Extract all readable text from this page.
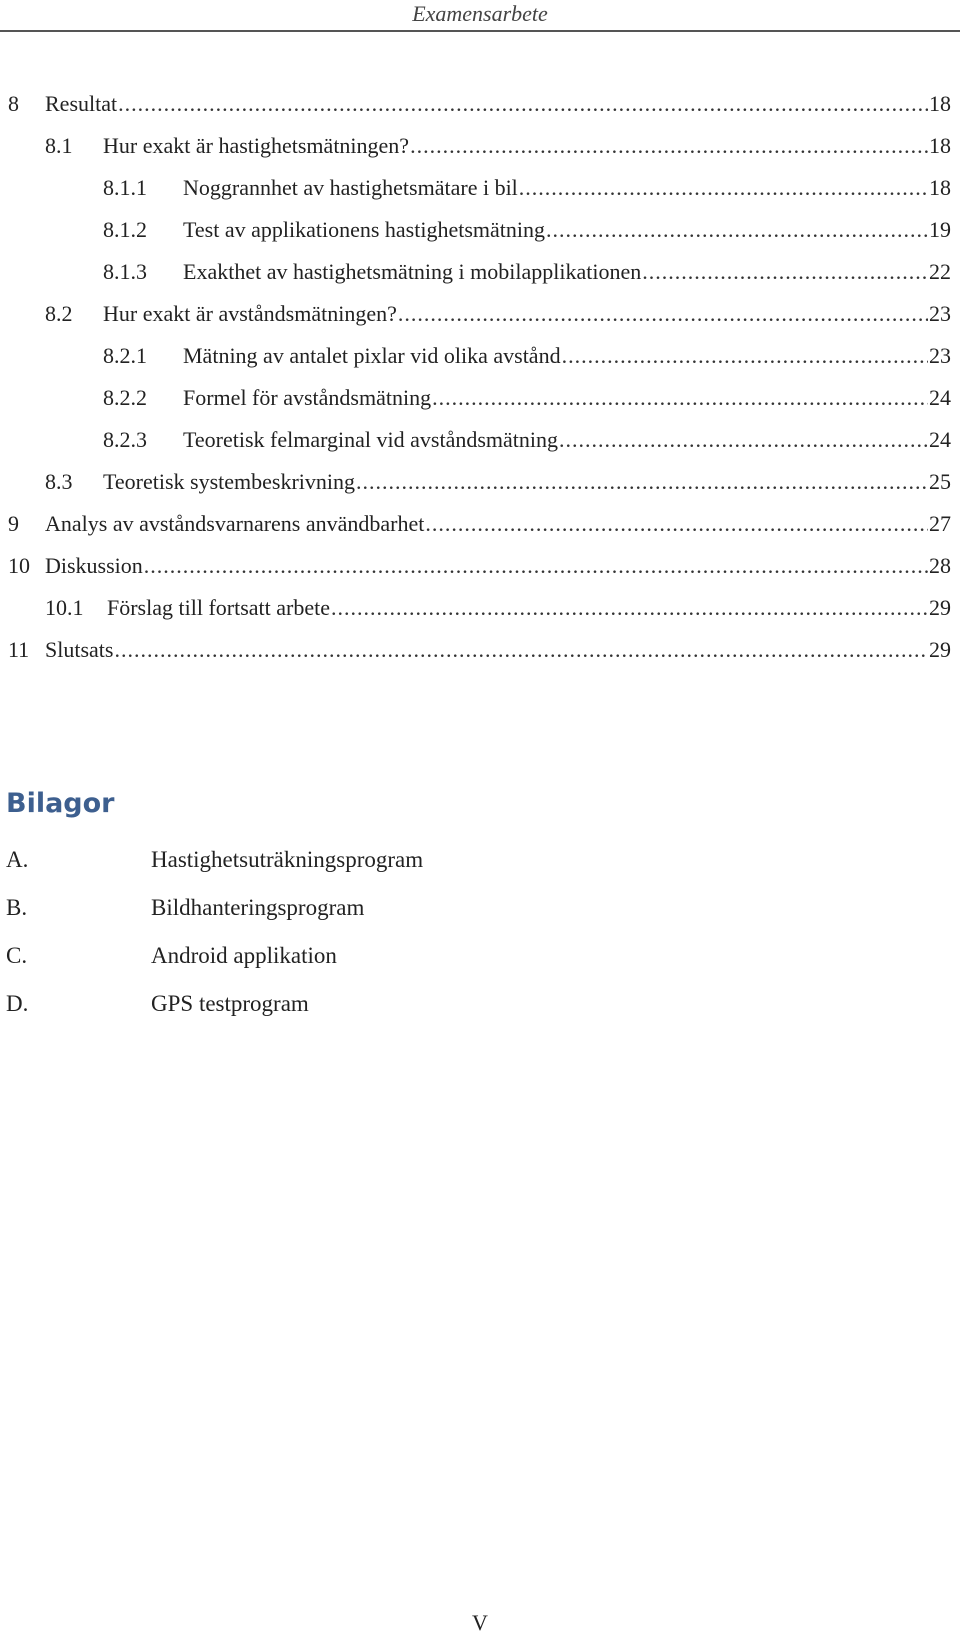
Examensarbete
8 Resultat .....	18
8.1 Hur exakt är hastighetsmätningen? .....	18
8.1.1 Noggrannhet av hastighetsmätare i bil .....	18
8.1.2 Test av applikationens hastighetsmätning .....	19
8.1.3 Exakthet av hastighetsmätning i mobilapplikationen .....	22
8.2 Hur exakt är avståndsmätningen? .....	23
8.2.1 Mätning av antalet pixlar vid olika avstånd .....	23
8.2.2 Formel för avståndsmätning .....	24
8.2.3 Teoretisk felmarginal vid avståndsmätning .....	24
8.3 Teoretisk systembeskrivning .....	25
9 Analys av avståndsvarnarens användbarhet .....	27
10 Diskussion .....	28
10.1 Förslag till fortsatt arbete .....	29
11 Slutsats .....	29
Bilagor
A.	Hastighetsuträkningsprogram
B.	Bildhanteringsprogram
C.	Android applikation
D.	GPS testprogram
V
